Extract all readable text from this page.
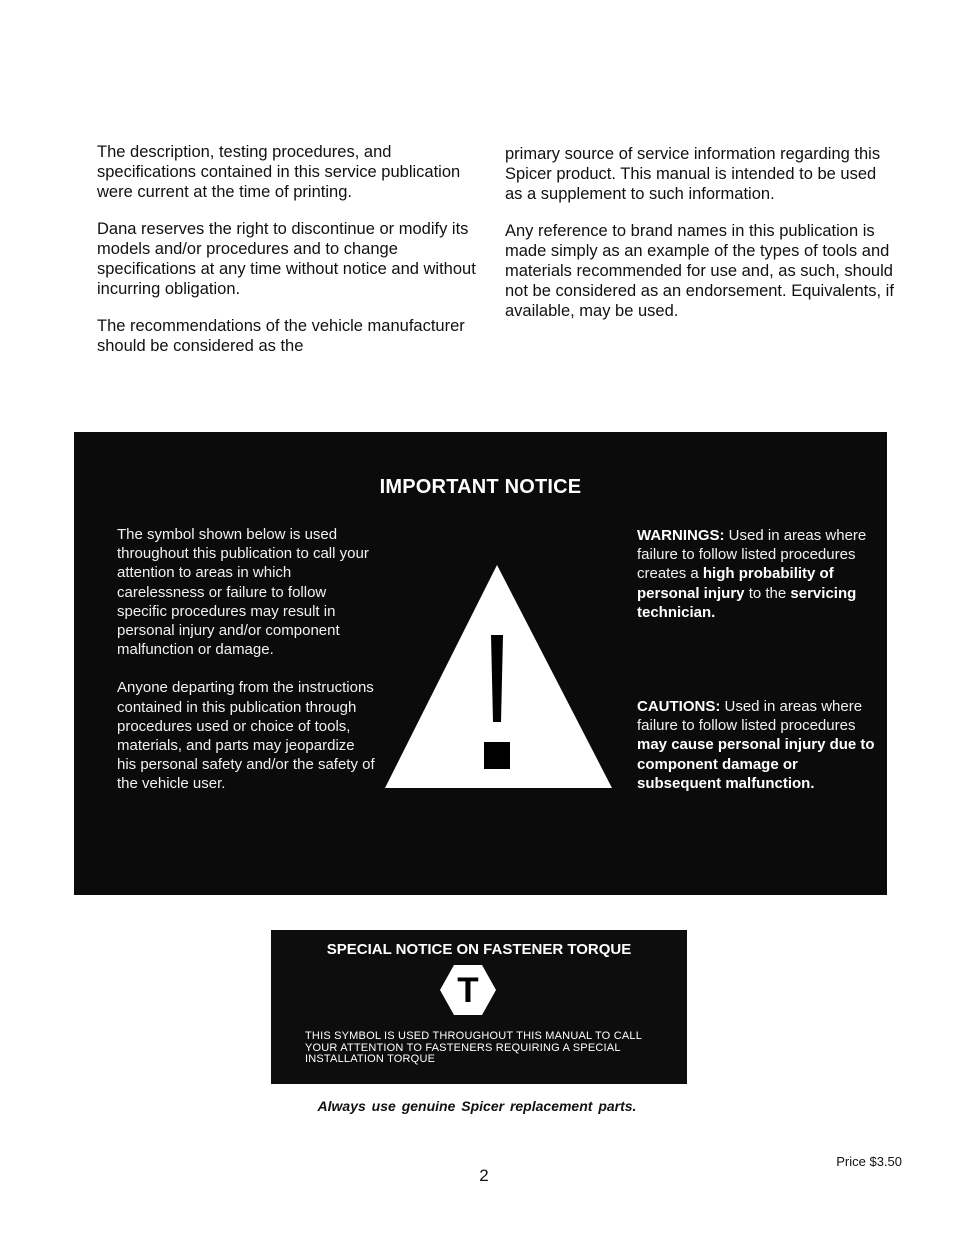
The description, testing procedures, and specifications contained in this service publication were current at the time of printing.

Dana reserves the right to discontinue or modify its models and/or procedures and to change specifications at any time without notice and without incurring obligation.

The recommendations of the vehicle manufacturer should be considered as the

primary source of service information regarding this Spicer product. This manual is intended to be used as a supplement to such information.

Any reference to brand names in this publication is made simply as an example of the types of tools and materials recommended for use and, as such, should not be considered as an endorsement. Equivalents, if available, may be used.

IMPORTANT NOTICE

The symbol shown below is used throughout this publication to call your attention to areas in which carelessness or failure to follow specific procedures may result in personal injury and/or component malfunction or damage.

Anyone departing from the instructions contained in this publication through procedures used or choice of tools, materials, and parts may jeopardize his personal safety and/or the safety of the vehicle user.

WARNINGS: Used in areas where failure to follow listed procedures creates a high probability of personal injury to the servicing technician.
CAUTIONS: Used in areas where failure to follow listed procedures may cause personal injury due to component damage or subsequent malfunction.
SPECIAL NOTICE ON FASTENER TORQUE
T
THIS SYMBOL IS USED THROUGHOUT THIS MANUAL TO CALL YOUR ATTENTION TO FASTENERS REQUIRING A SPECIAL INSTALLATION TORQUE
Always use genuine Spicer replacement parts.
Price $3.50
2
